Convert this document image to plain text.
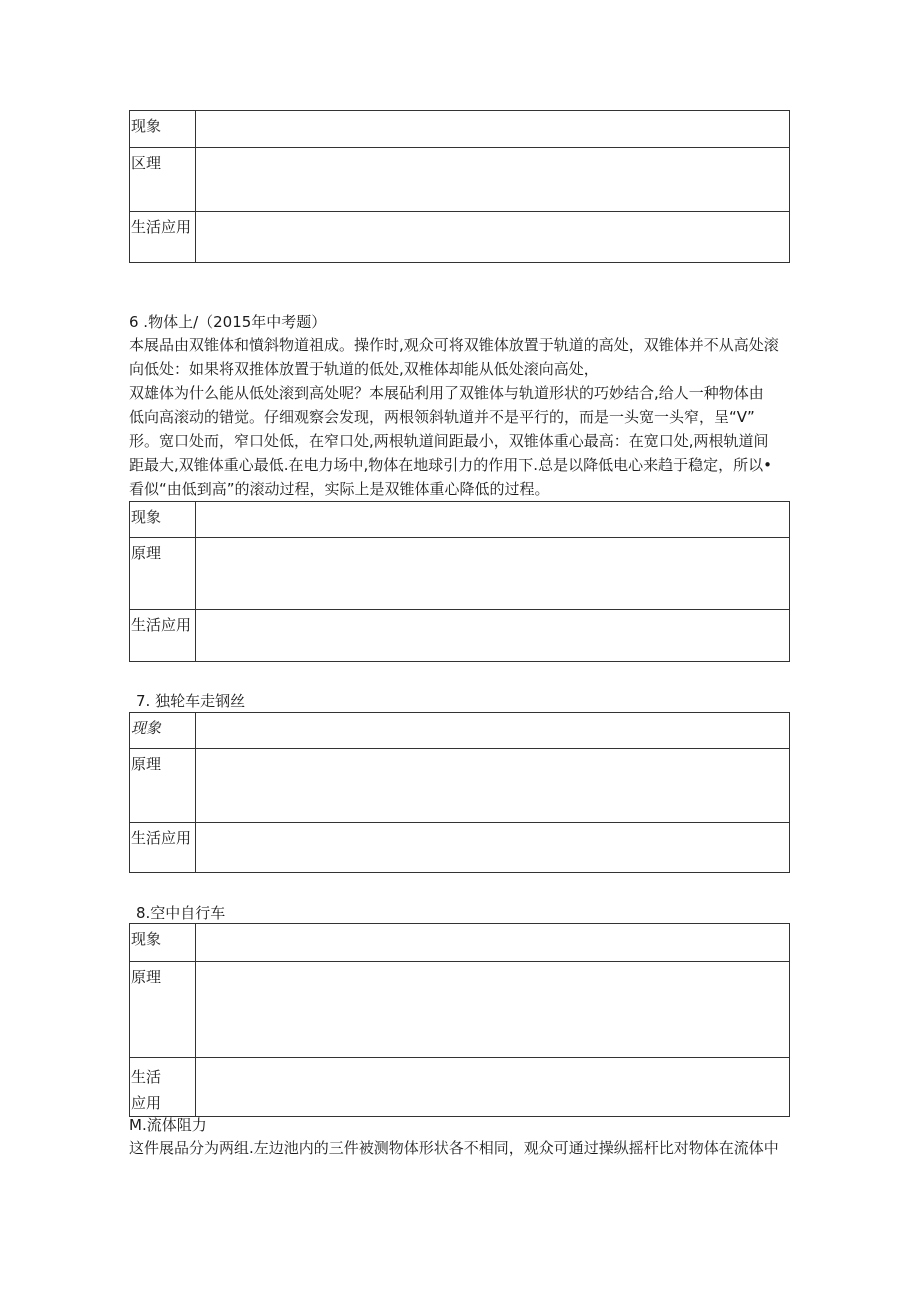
现象	
区理	
生活应用	
6 .物体上/（2015年中考题）

本展品由双锥体和憤斜物道祖成。操作时,观众可将双锥体放置于轨道的高处，双锥体并不从高处滚

向低处：如果将双推体放置于轨道的低处,双椎体却能从低处滚向高处，

双雄体为什么能从低处滚到高处呢？本展砧利用了双锥体与轨道形状的巧妙结合,给人一种物体由

低向高滚动的错觉。仔细观察会发现，两根领斜轨道并不是平行的，而是一头宽一头窄，呈“V”

形。宽口处而，窄口处低，在窄口处,两根轨道间距最小，双锥体重心最高：在宽口处,两根轨道间

距最大,双锥体重心最低.在电力场中,物体在地球引力的作用下.总是以降低电心来趋于稳定，所以•

看似“由低到高”的滚动过程，实际上是双锥体重心降低的过程。

现象	
原理	
生活应用	
7. 独轮车走钢丝
现象	
原理	
生活应用	
8.空中自行车
现象	
原理	
生活
应用	
M.流体阻力

这件展品分为两组.左边池内的三件被测物体形状各不相同，观众可通过操纵摇杆比对物体在流体中
